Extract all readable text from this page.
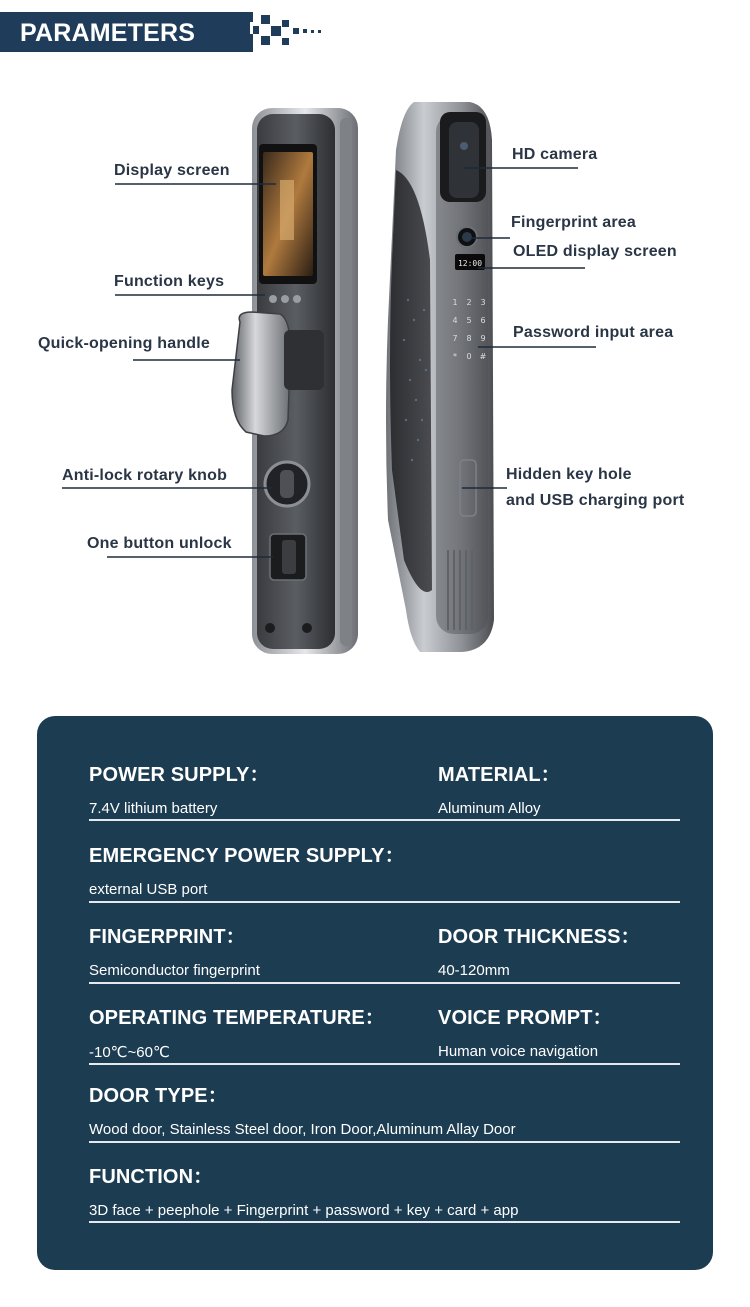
PARAMETERS
12:00
1 2 3
4 5 6
7 8 9
* 0 #
Display screen
Function keys
Quick-opening handle
Anti-lock rotary knob
One button unlock
HD camera
Fingerprint area
OLED display screen
Password input area
Hidden key hole
and USB charging port
POWER SUPPLY：
7.4V lithium battery
MATERIAL：
Aluminum Alloy
EMERGENCY POWER SUPPLY：
external USB port
FINGERPRINT：
Semiconductor fingerprint
DOOR THICKNESS：
40-120mm
OPERATING TEMPERATURE：
-10℃~60℃
VOICE PROMPT：
Human voice navigation
DOOR TYPE：
Wood door, Stainless Steel door, Iron Door,Aluminum Allay Door
FUNCTION：
3D face + peephole + Fingerprint + password + key + card + app
